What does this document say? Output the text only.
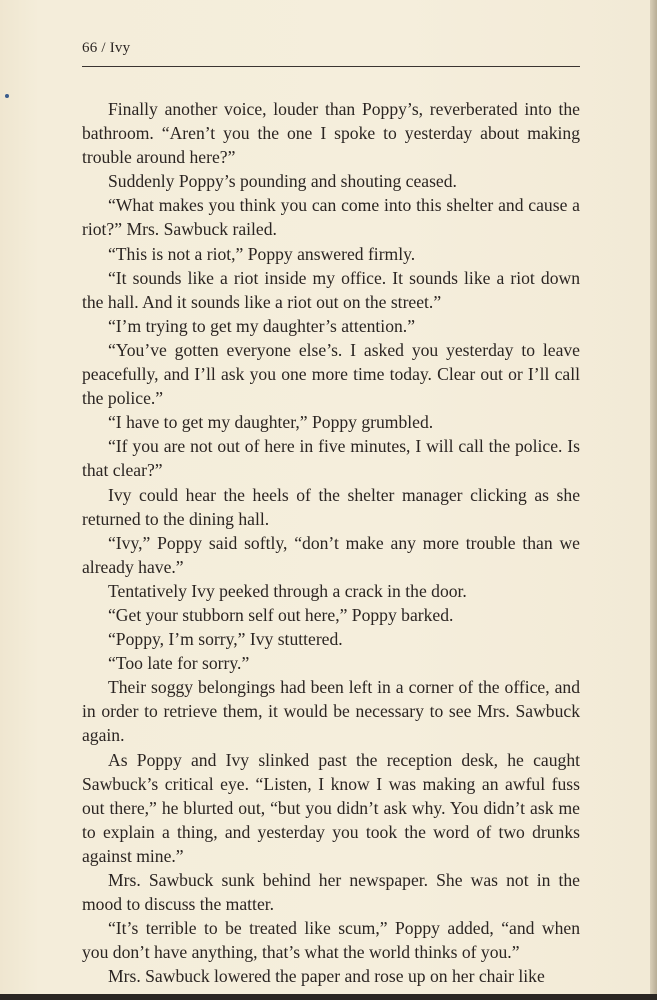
66 / Ivy

Finally another voice, louder than Poppy’s, reverberated into the bathroom. “Aren’t you the one I spoke to yesterday about making trouble around here?”

Suddenly Poppy’s pounding and shouting ceased.

“What makes you think you can come into this shelter and cause a riot?” Mrs. Sawbuck railed.

“This is not a riot,” Poppy answered firmly.

“It sounds like a riot inside my office. It sounds like a riot down the hall. And it sounds like a riot out on the street.”

“I’m trying to get my daughter’s attention.”

“You’ve gotten everyone else’s. I asked you yesterday to leave peacefully, and I’ll ask you one more time today. Clear out or I’ll call the police.”

“I have to get my daughter,” Poppy grumbled.

“If you are not out of here in five minutes, I will call the police. Is that clear?”

Ivy could hear the heels of the shelter manager clicking as she returned to the dining hall.

“Ivy,” Poppy said softly, “don’t make any more trouble than we already have.”

Tentatively Ivy peeked through a crack in the door.

“Get your stubborn self out here,” Poppy barked.

“Poppy, I’m sorry,” Ivy stuttered.

“Too late for sorry.”

Their soggy belongings had been left in a corner of the office, and in order to retrieve them, it would be necessary to see Mrs. Sawbuck again.

As Poppy and Ivy slinked past the reception desk, he caught Sawbuck’s critical eye. “Listen, I know I was making an awful fuss out there,” he blurted out, “but you didn’t ask why. You didn’t ask me to explain a thing, and yesterday you took the word of two drunks against mine.”

Mrs. Sawbuck sunk behind her newspaper. She was not in the mood to discuss the matter.

“It’s terrible to be treated like scum,” Poppy added, “and when you don’t have anything, that’s what the world thinks of you.”

Mrs. Sawbuck lowered the paper and rose up on her chair like
